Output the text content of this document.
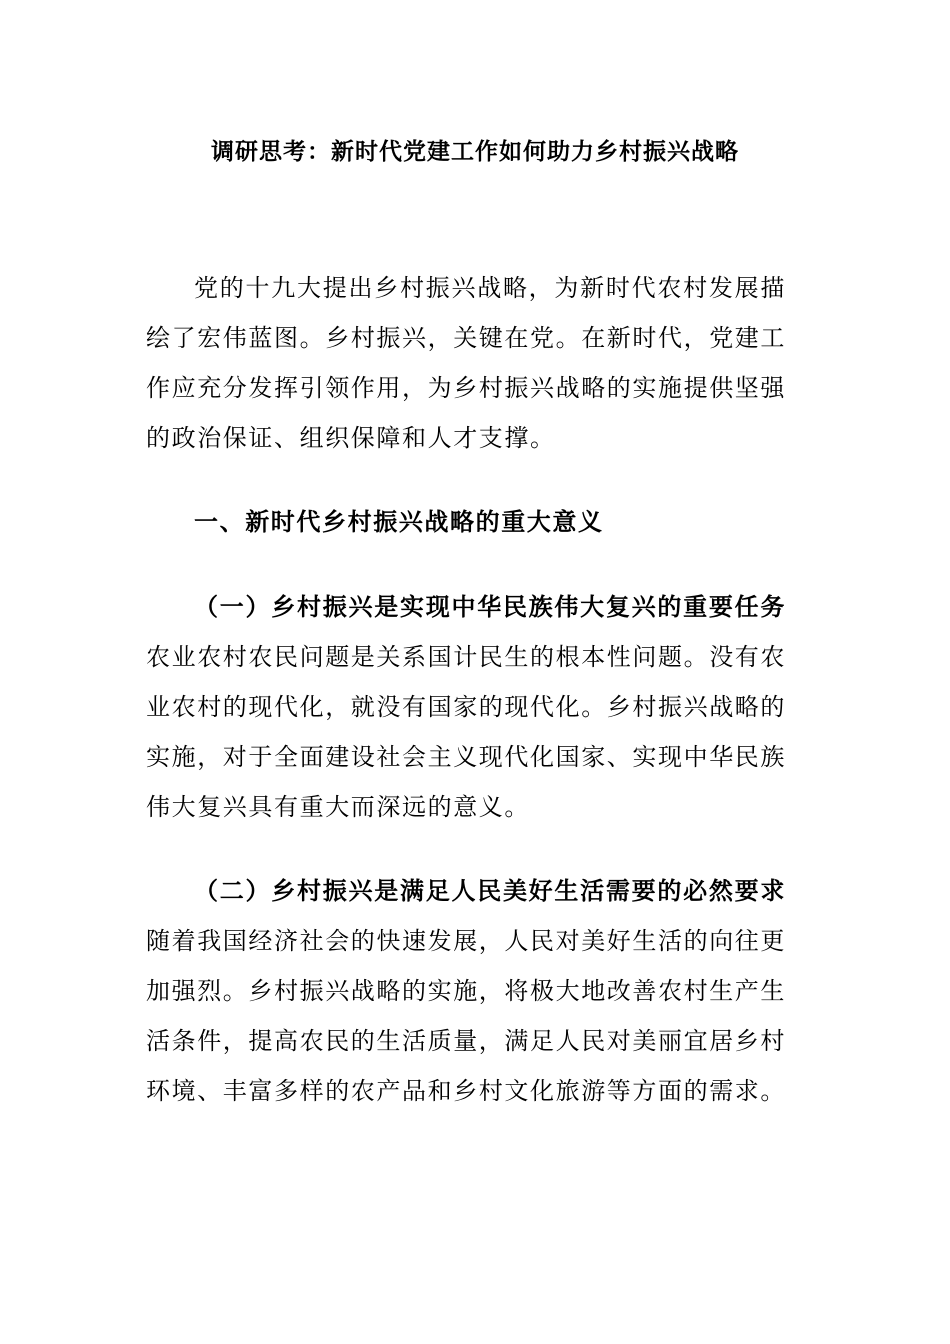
调研思考：新时代党建工作如何助力乡村振兴战略
党的十九大提出乡村振兴战略，为新时代农村发展描
绘了宏伟蓝图。乡村振兴，关键在党。在新时代，党建工
作应充分发挥引领作用，为乡村振兴战略的实施提供坚强
的政治保证、组织保障和人才支撑。
一、新时代乡村振兴战略的重大意义
（一）乡村振兴是实现中华民族伟大复兴的重要任务
农业农村农民问题是关系国计民生的根本性问题。没有农
业农村的现代化，就没有国家的现代化。乡村振兴战略的
实施，对于全面建设社会主义现代化国家、实现中华民族
伟大复兴具有重大而深远的意义。
（二）乡村振兴是满足人民美好生活需要的必然要求
随着我国经济社会的快速发展，人民对美好生活的向往更
加强烈。乡村振兴战略的实施，将极大地改善农村生产生
活条件，提高农民的生活质量，满足人民对美丽宜居乡村
环境、丰富多样的农产品和乡村文化旅游等方面的需求。
